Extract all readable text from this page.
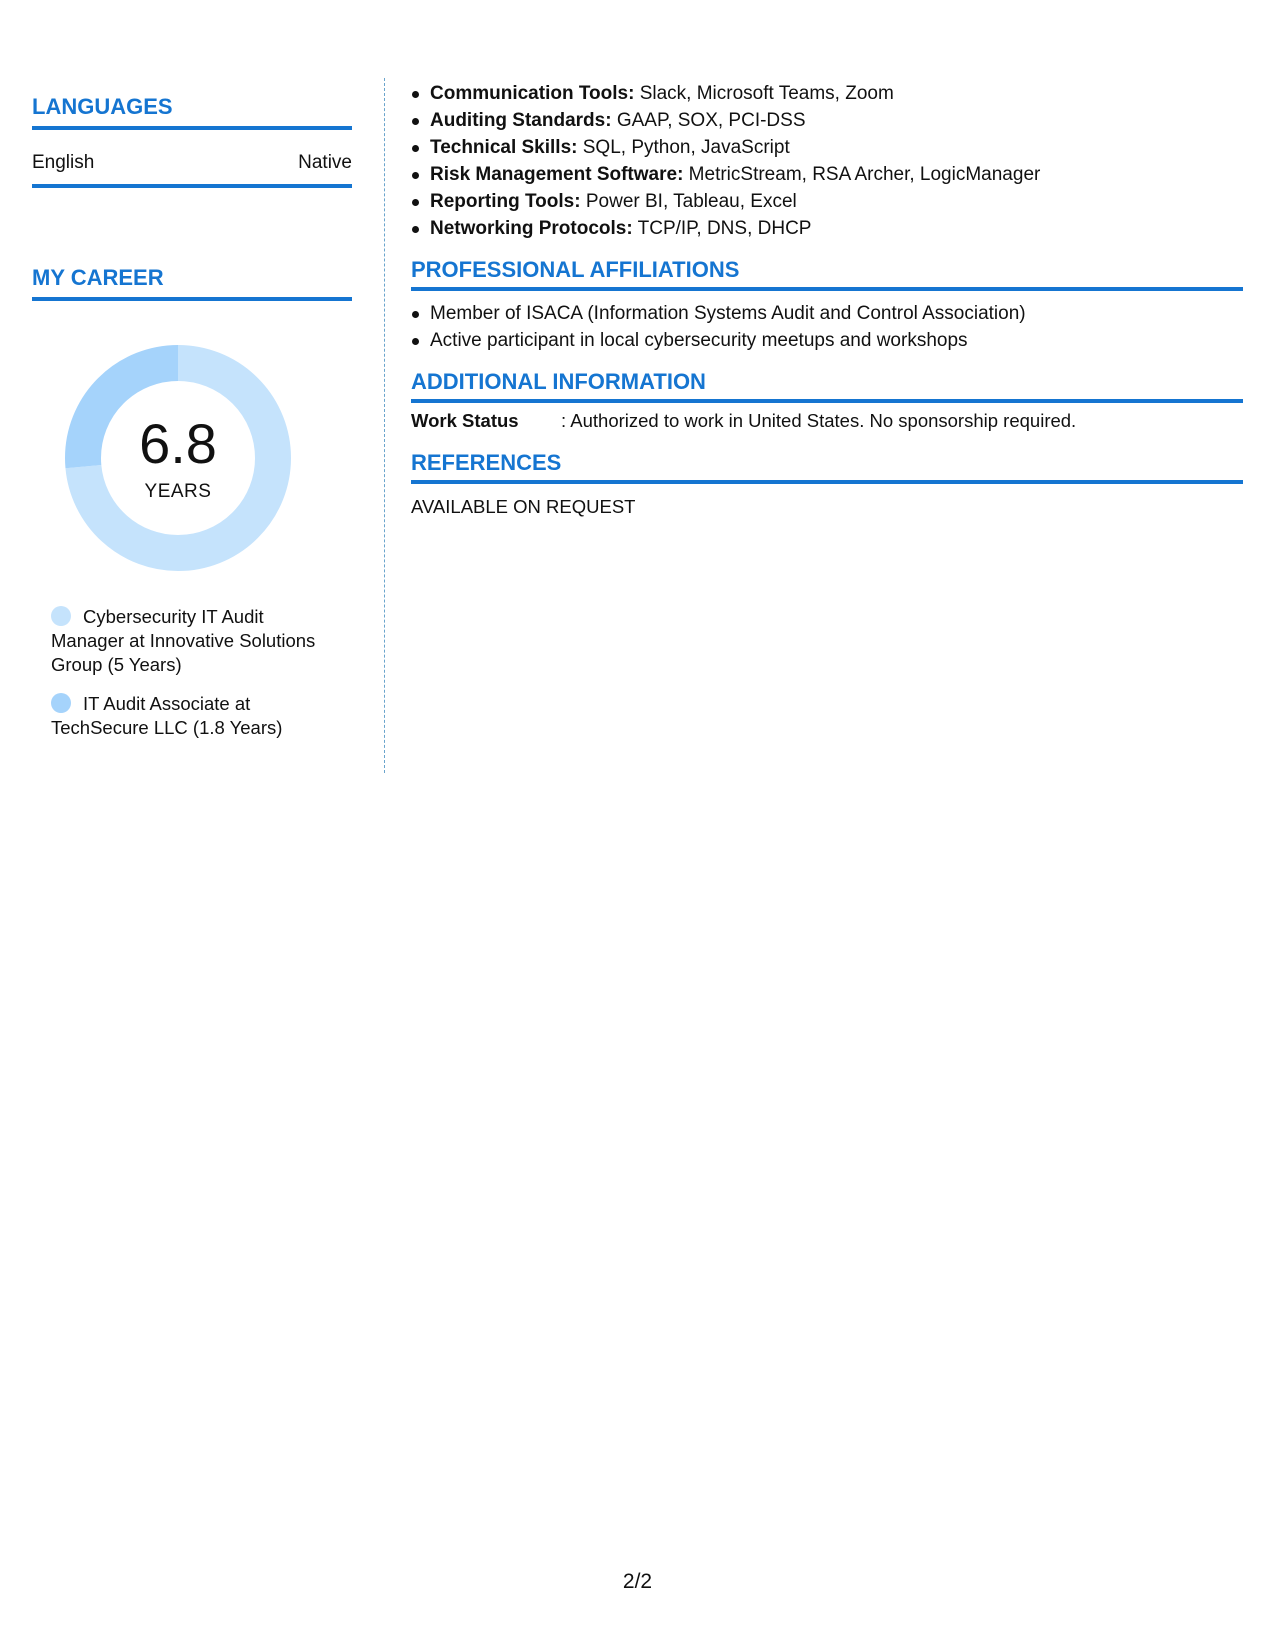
LANGUAGES
English	Native
MY CAREER
6.8
YEARS
Cybersecurity IT Audit Manager at Innovative Solutions Group (5 Years)
IT Audit Associate at TechSecure LLC (1.8 Years)
Communication Tools: Slack, Microsoft Teams, Zoom
Auditing Standards: GAAP, SOX, PCI-DSS
Technical Skills: SQL, Python, JavaScript
Risk Management Software: MetricStream, RSA Archer, LogicManager
Reporting Tools: Power BI, Tableau, Excel
Networking Protocols: TCP/IP, DNS, DHCP
PROFESSIONAL AFFILIATIONS
Member of ISACA (Information Systems Audit and Control Association)
Active participant in local cybersecurity meetups and workshops
ADDITIONAL INFORMATION
Work Status	: Authorized to work in United States. No sponsorship required.
REFERENCES
AVAILABLE ON REQUEST
2/2
